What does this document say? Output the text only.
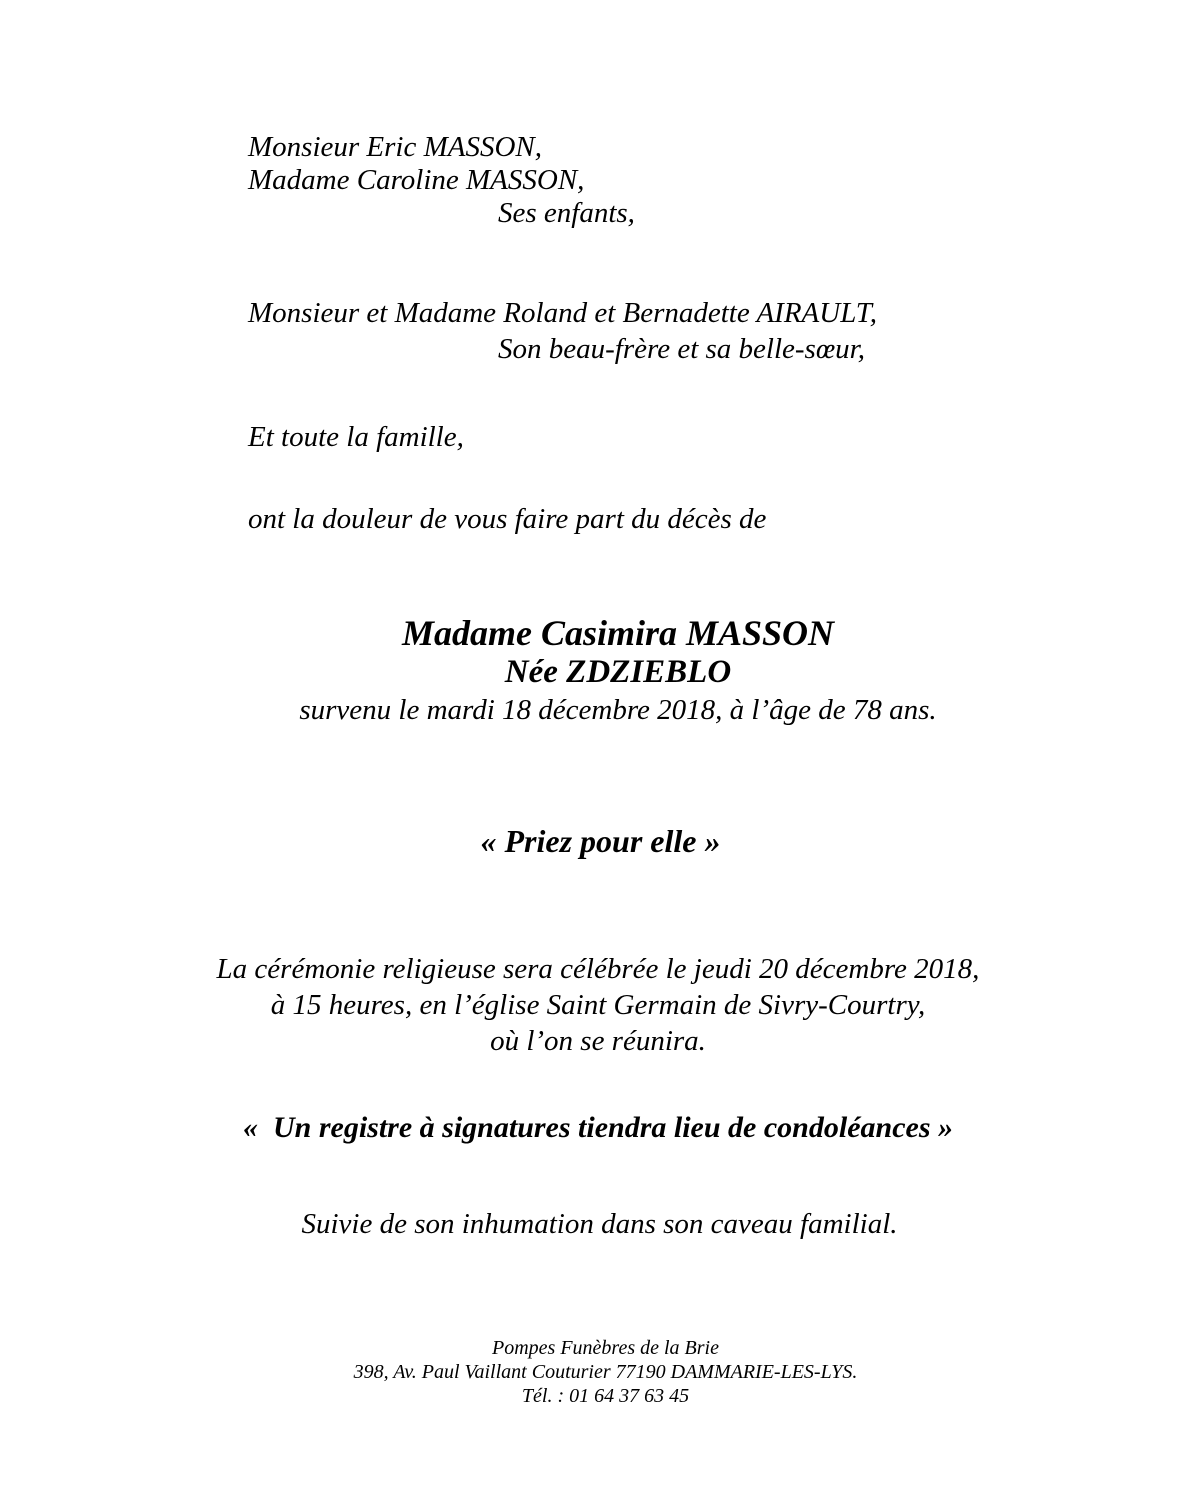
Monsieur Eric MASSON,
Madame Caroline MASSON,
Ses enfants,
Monsieur et Madame Roland et Bernadette AIRAULT,
Son beau-frère et sa belle-sœur,
Et toute la famille,
ont la douleur de vous faire part du décès de
Madame Casimira MASSON
Née ZDZIEBLO
survenu le mardi 18 décembre 2018, à l’âge de 78 ans.
« Priez pour elle »
La cérémonie religieuse sera célébrée le jeudi 20 décembre 2018,
à 15 heures, en l’église Saint Germain de Sivry-Courtry,
où l’on se réunira.
«  Un registre à signatures tiendra lieu de condoléances »
Suivie de son inhumation dans son caveau familial.
Pompes Funèbres de la Brie
398, Av. Paul Vaillant Couturier 77190 DAMMARIE-LES-LYS.
Tél. : 01 64 37 63 45
